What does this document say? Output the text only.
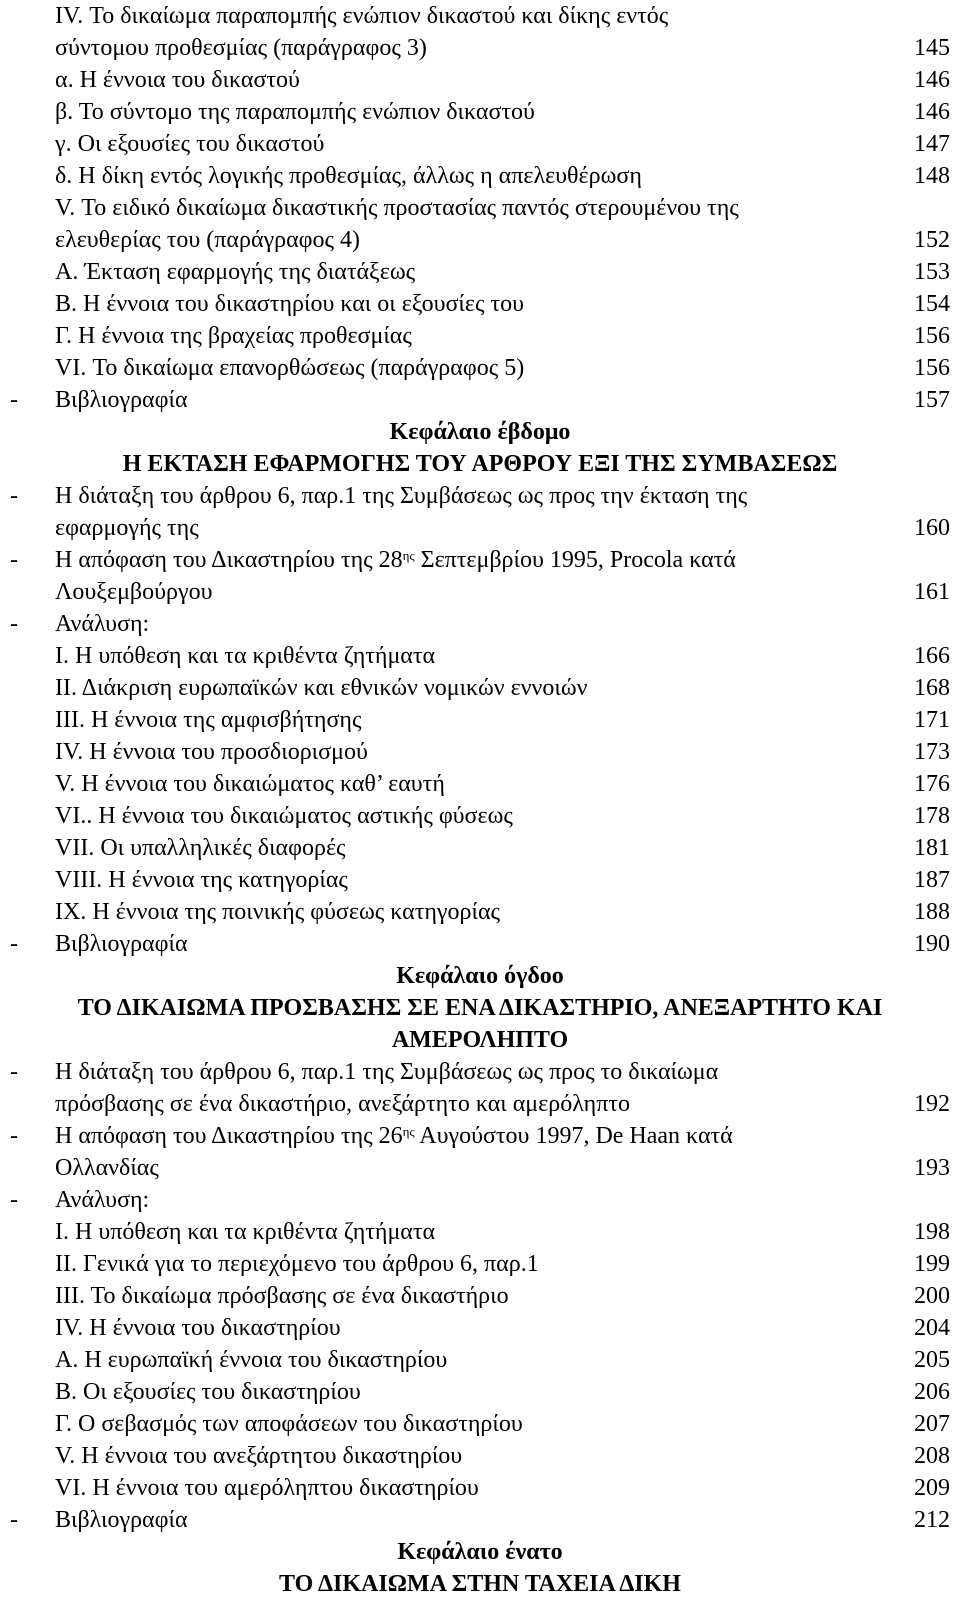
IV. Το δικαίωμα παραπομπής ενώπιον δικαστού και δίκης εντός
σύντομου προθεσμίας (παράγραφος 3)	145
α. Η έννοια του δικαστού	146
β. Το σύντομο της παραπομπής ενώπιον δικαστού	146
γ. Οι εξουσίες του δικαστού	147
δ. Η δίκη εντός λογικής προθεσμίας, άλλως η απελευθέρωση	148
V. Το ειδικό δικαίωμα δικαστικής προστασίας παντός στερουμένου της
ελευθερίας του (παράγραφος 4)	152
Α. Έκταση εφαρμογής της διατάξεως	153
Β. Η έννοια του δικαστηρίου και οι εξουσίες του	154
Γ. Η έννοια της βραχείας προθεσμίας	156
VI. Το δικαίωμα επανορθώσεως (παράγραφος 5)	156
- Βιβλιογραφία	157
Κεφάλαιο έβδομο
Η ΕΚΤΑΣΗ ΕΦΑΡΜΟΓΗΣ ΤΟΥ ΑΡΘΡΟΥ ΕΞΙ ΤΗΣ ΣΥΜΒΑΣΕΩΣ
- Η διάταξη του άρθρου 6, παρ.1 της Συμβάσεως ως προς την έκταση της
εφαρμογής της	160
- Η απόφαση του Δικαστηρίου της $28^{\eta\varsigma}$ Σεπτεμβρίου 1995, Procola κατά
Λουξεμβούργου	161
- Ανάλυση:
Ι. Η υπόθεση και τα κριθέντα ζητήματα	166
ΙΙ. Διάκριση ευρωπαϊκών και εθνικών νομικών εννοιών	168
ΙΙΙ. Η έννοια της αμφισβήτησης	171
IV. Η έννοια του προσδιορισμού	173
V. Η έννοια του δικαιώματος καθ’ εαυτή	176
VI.. Η έννοια του δικαιώματος αστικής φύσεως	178
VII. Οι υπαλληλικές διαφορές	181
VIII. Η έννοια της κατηγορίας	187
ΙΧ. Η έννοια της ποινικής φύσεως κατηγορίας	188
- Βιβλιογραφία	190
Κεφάλαιο όγδοο
ΤΟ ΔΙΚΑΙΩΜΑ ΠΡΟΣΒΑΣΗΣ ΣΕ ΕΝΑ ΔΙΚΑΣΤΗΡΙΟ, ΑΝΕΞΑΡΤΗΤΟ ΚΑΙ
ΑΜΕΡΟΛΗΠΤΟ
- Η διάταξη του άρθρου 6, παρ.1 της Συμβάσεως ως προς το δικαίωμα
πρόσβασης σε ένα δικαστήριο, ανεξάρτητο και αμερόληπτο	192
- Η απόφαση του Δικαστηρίου της $26^{\eta\varsigma}$ Αυγούστου 1997, De Haan κατά
Ολλανδίας	193
- Ανάλυση:
Ι. Η υπόθεση και τα κριθέντα ζητήματα	198
ΙΙ. Γενικά για το περιεχόμενο του άρθρου 6, παρ.1	199
ΙΙΙ. Το δικαίωμα πρόσβασης σε ένα δικαστήριο	200
IV. Η έννοια του δικαστηρίου	204
Α. Η ευρωπαϊκή έννοια του δικαστηρίου	205
Β. Οι εξουσίες του δικαστηρίου	206
Γ. Ο σεβασμός των αποφάσεων του δικαστηρίου	207
V. Η έννοια του ανεξάρτητου δικαστηρίου	208
VI. Η έννοια του αμερόληπτου δικαστηρίου	209
- Βιβλιογραφία	212
Κεφάλαιο ένατο
ΤΟ ΔΙΚΑΙΩΜΑ ΣΤΗΝ ΤΑΧΕΙΑ ΔΙΚΗ
